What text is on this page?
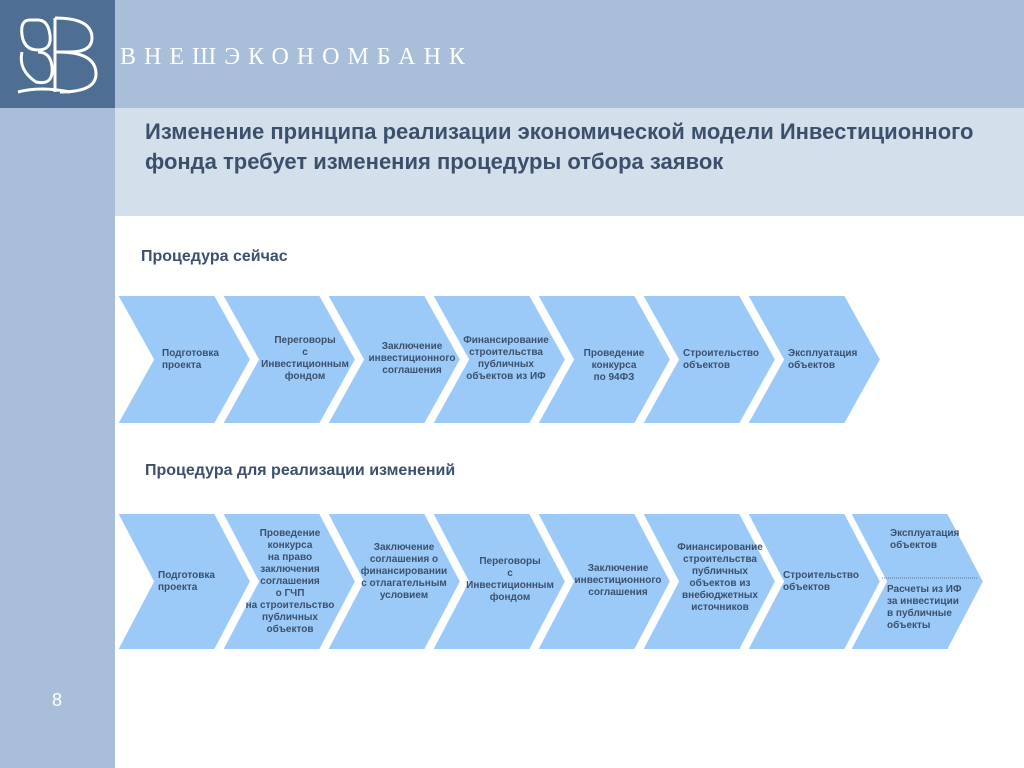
ВНЕШЭКОНОМБАНК
8
Изменение принципа реализации экономической модели Инвестиционного фонда требует изменения процедуры отбора заявок
Процедура сейчас
Процедура для реализации изменений
Подготовка
проекта
Переговоры
с
Инвестиционным
фондом
Заключение
инвестиционного
соглашения
Финансирование
строительства
публичных
объектов из ИФ
Проведение
конкурса
по 94ФЗ
Строительство
объектов
Эксплуатация
объектов
Подготовка
проекта
Проведение
конкурса
на право
заключения
соглашения
о ГЧП
на строительство
публичных
объектов
Заключение
соглашения о
финансировании
с отлагательным
условием
Переговоры
с
Инвестиционным
фондом
Заключение
инвестиционного
соглашения
Финансирование
строительства
публичных
объектов из
внебюджетных
источников
Строительство
объектов
Эксплуатация
объектов
Расчеты из ИФ
за инвестиции
в публичные
объекты
